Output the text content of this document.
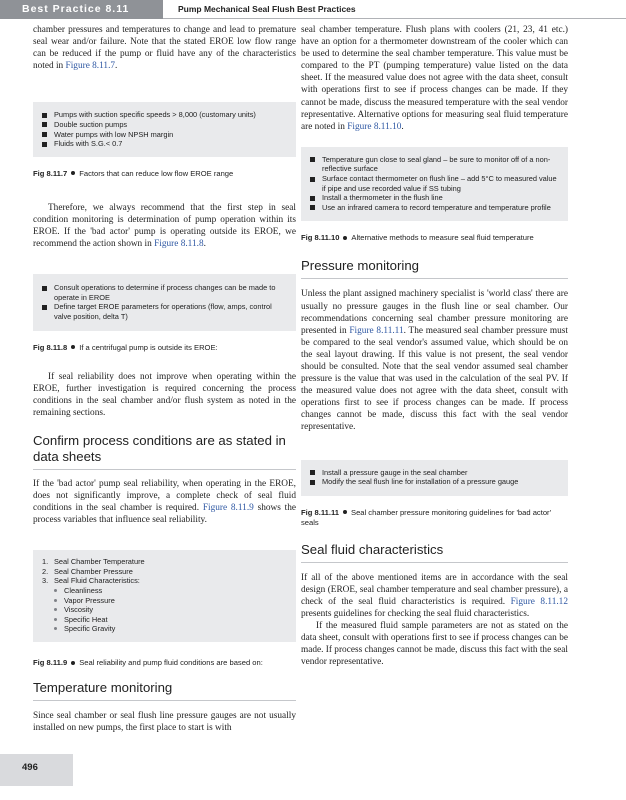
Best Practice 8.11	Pump Mechanical Seal Flush Best Practices

chamber pressures and temperatures to change and lead to premature seal wear and/or failure. Note that the stated EROE low flow range can be reduced if the pump or fluid have any of the characteristics noted in Figure 8.11.7.

Pumps with suction specific speeds > 8,000 (customary units)
Double suction pumps
Water pumps with low NPSH margin
Fluids with S.G.< 0.7

Fig 8.11.7 Factors that can reduce low flow EROE range

Therefore, we always recommend that the first step in seal condition monitoring is determination of pump operation within its EROE. If the 'bad actor' pump is operating outside its EROE, we recommend the action shown in Figure 8.11.8.

Consult operations to determine if process changes can be made to operate in EROE
Define target EROE parameters for operations (flow, amps, control valve position, delta T)

Fig 8.11.8 If a centrifugal pump is outside its EROE:

If seal reliability does not improve when operating within the EROE, further investigation is required concerning the process conditions in the seal chamber and/or flush system as noted in the remaining sections.

Confirm process conditions are as stated in data sheets

If the 'bad actor' pump seal reliability, when operating in the EROE, does not significantly improve, a complete check of seal fluid conditions in the seal chamber is required. Figure 8.11.9 shows the process variables that influence seal reliability.

1. Seal Chamber Temperature
2. Seal Chamber Pressure
3. Seal Fluid Characteristics:
Cleanliness
Vapor Pressure
Viscosity
Specific Heat
Specific Gravity

Fig 8.11.9 Seal reliability and pump fluid conditions are based on:

Temperature monitoring

Since seal chamber or seal flush line pressure gauges are not usually installed on new pumps, the first place to start is with

seal chamber temperature. Flush plans with coolers (21, 23, 41 etc.) have an option for a thermometer downstream of the cooler which can be used to determine the seal chamber temperature. This value must be compared to the PT (pumping temperature) value listed on the data sheet. If the measured value does not agree with the data sheet, consult with operations first to see if process changes can be made. If they cannot be made, discuss the measured temperature with the seal vendor representative. Alternative options for measuring seal fluid temperature are noted in Figure 8.11.10.

Temperature gun close to seal gland – be sure to monitor off of a non-reflective surface
Surface contact thermometer on flush line – add 5°C to measured value if pipe and use recorded value if SS tubing
Install a thermometer in the flush line
Use an infrared camera to record temperature and temperature profile

Fig 8.11.10 Alternative methods to measure seal fluid temperature

Pressure monitoring

Unless the plant assigned machinery specialist is 'world class' there are usually no pressure gauges in the flush line or seal chamber. Our recommendations concerning seal chamber pressure monitoring are presented in Figure 8.11.11. The measured seal chamber pressure must be compared to the seal vendor's assumed value, which should be on the seal layout drawing. If this value is not present, the seal vendor should be consulted. Note that the seal vendor assumed seal chamber pressure is the value that was used in the calculation of the seal PV. If the measured value does not agree with the data sheet, consult with operations first to see if process changes can be made. If process changes cannot be made, discuss this fact with the seal vendor representative.

Install a pressure gauge in the seal chamber
Modify the seal flush line for installation of a pressure gauge

Fig 8.11.11 Seal chamber pressure monitoring guidelines for 'bad actor' seals

Seal fluid characteristics

If all of the above mentioned items are in accordance with the seal design (EROE, seal chamber temperature and seal chamber pressure), a check of the seal fluid characteristics is required. Figure 8.11.12 presents guidelines for checking the seal fluid characteristics.

If the measured fluid sample parameters are not as stated on the data sheet, consult with operations first to see if process changes can be made. If process changes cannot be made, discuss this fact with the seal vendor representative.

496
